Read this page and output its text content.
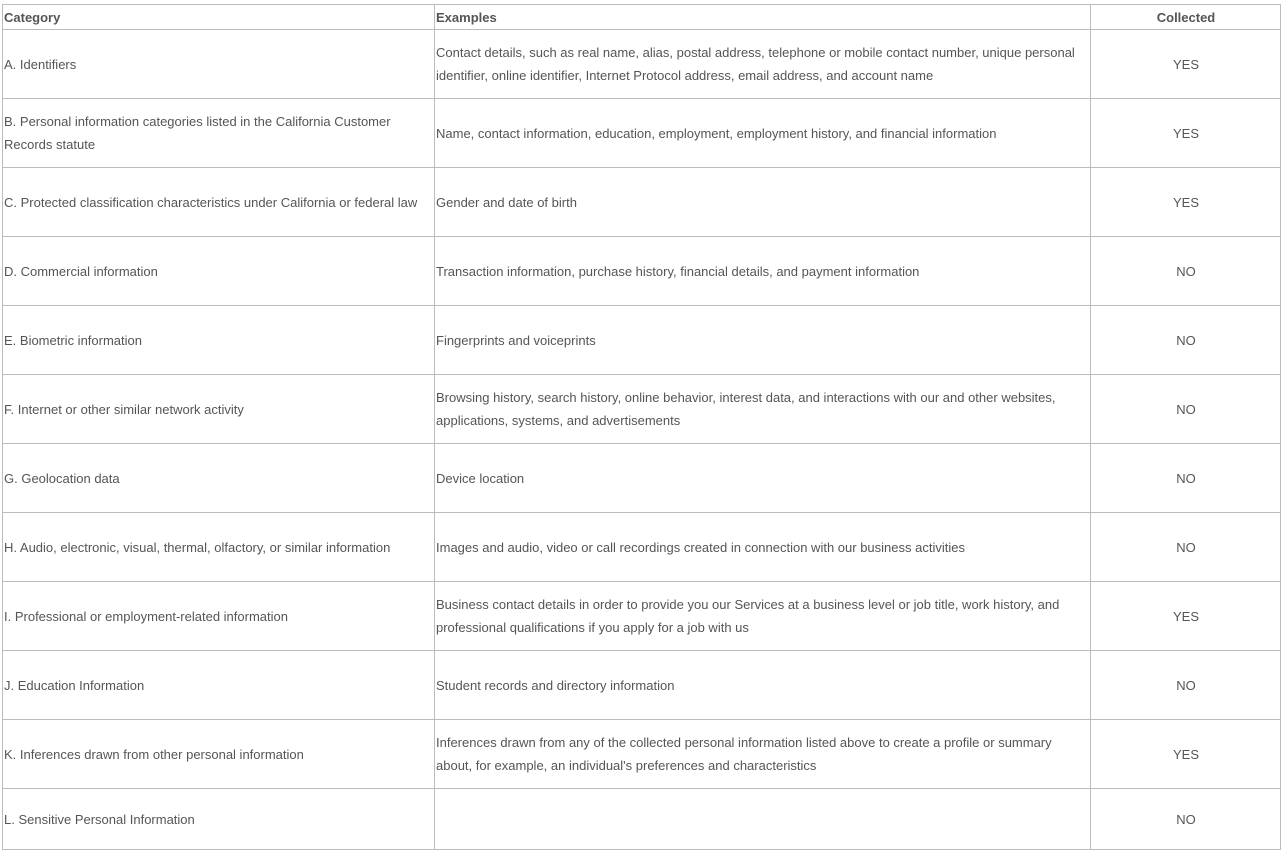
Category	Examples	Collected
A. Identifiers	Contact details, such as real name, alias, postal address, telephone or mobile contact number, unique personal identifier, online identifier, Internet Protocol address, email address, and account name	YES
B. Personal information categories listed in the California Customer Records statute	Name, contact information, education, employment, employment history, and financial information	YES
C. Protected classification characteristics under California or federal law	Gender and date of birth	YES
D. Commercial information	Transaction information, purchase history, financial details, and payment information	NO
E. Biometric information	Fingerprints and voiceprints	NO
F. Internet or other similar network activity	Browsing history, search history, online behavior, interest data, and interactions with our and other websites, applications, systems, and advertisements	NO
G. Geolocation data	Device location	NO
H. Audio, electronic, visual, thermal, olfactory, or similar information	Images and audio, video or call recordings created in connection with our business activities	NO
I. Professional or employment-related information	Business contact details in order to provide you our Services at a business level or job title, work history, and professional qualifications if you apply for a job with us	YES
J. Education Information	Student records and directory information	NO
K. Inferences drawn from other personal information	Inferences drawn from any of the collected personal information listed above to create a profile or summary about, for example, an individual's preferences and characteristics	YES
L. Sensitive Personal Information		NO
